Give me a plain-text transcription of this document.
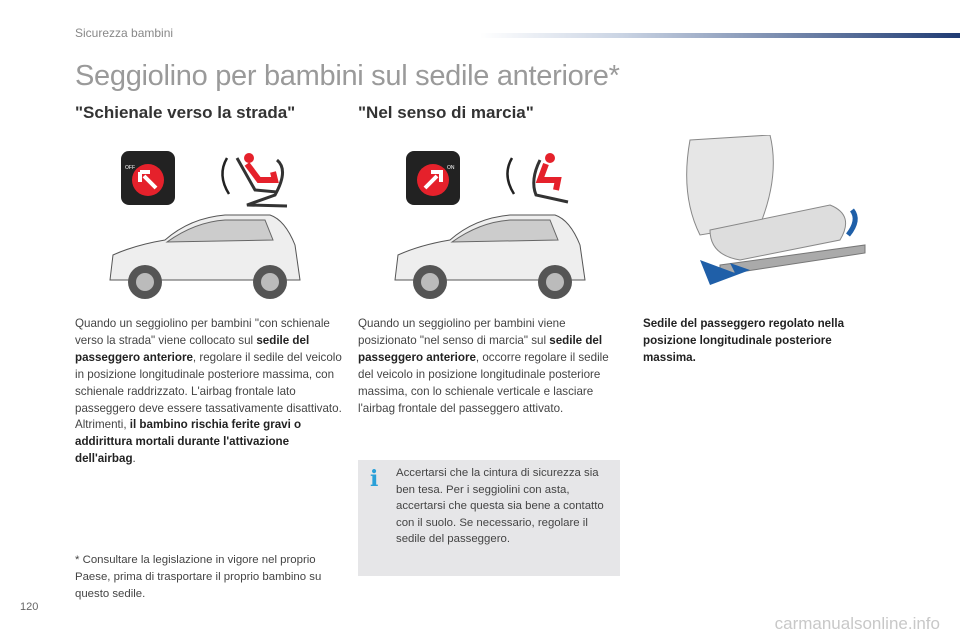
Sicurezza bambini
Seggiolino per bambini sul sedile anteriore*
"Schienale verso la strada"	"Nel senso di marcia"
OFF	ON
Quando un seggiolino per bambini "con schienale verso la strada" viene collocato sul sedile del passeggero anteriore, regolare il sedile del veicolo in posizione longitudinale posteriore massima, con schienale raddrizzato. L'airbag frontale lato passeggero deve essere tassativamente disattivato. Altrimenti, il bambino rischia ferite gravi o addirittura mortali durante l'attivazione dell'airbag.
* Consultare la legislazione in vigore nel proprio Paese, prima di trasportare il proprio bambino su questo sedile.
Quando un seggiolino per bambini viene posizionato "nel senso di marcia" sul sedile del passeggero anteriore, occorre regolare il sedile del veicolo in posizione longitudinale posteriore massima, con lo schienale verticale e lasciare l'airbag frontale del passeggero attivato.
i Accertarsi che la cintura di sicurezza sia ben tesa. Per i seggiolini con asta, accertarsi che questa sia bene a contatto con il suolo. Se necessario, regolare il sedile del passeggero.
Sedile del passeggero regolato nella posizione longitudinale posteriore massima.
120
carmanualsonline.info
